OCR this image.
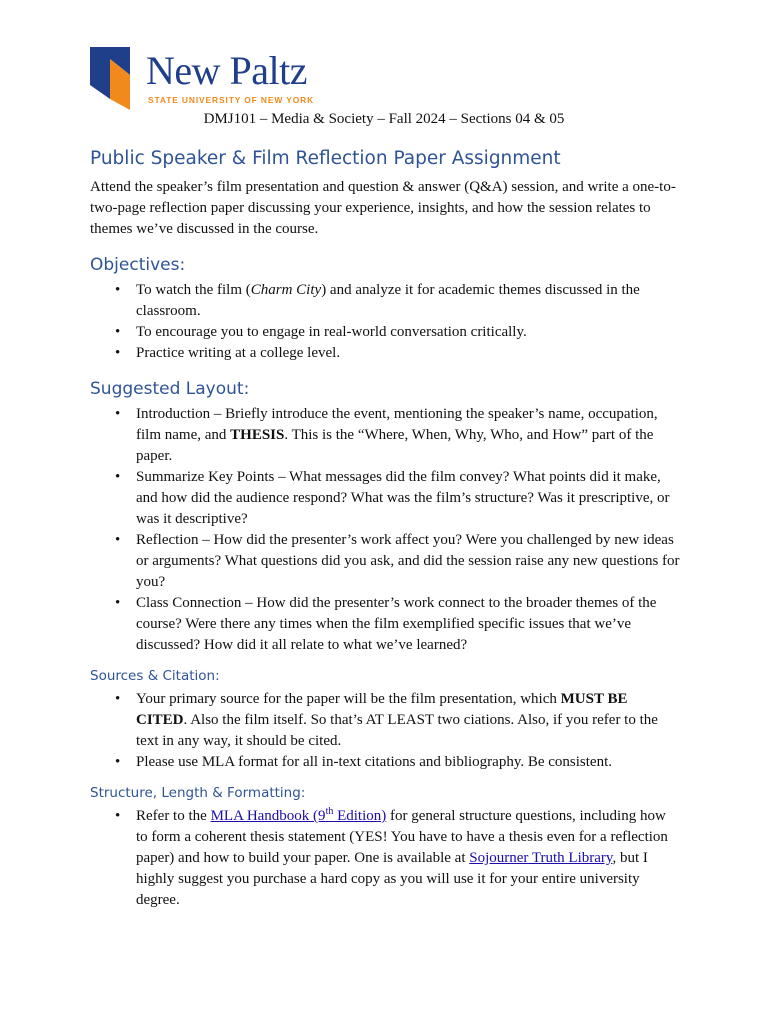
New Paltz
STATE UNIVERSITY OF NEW YORK
DMJ101 – Media & Society – Fall 2024 – Sections 04 & 05
Public Speaker & Film Reflection Paper Assignment

Attend the speaker’s film presentation and question & answer (Q&A) session, and write a one-to-two-page reflection paper discussing your experience, insights, and how the session relates to themes we’ve discussed in the course.

Objectives:
• To watch the film (Charm City) and analyze it for academic themes discussed in the classroom.
• To encourage you to engage in real-world conversation critically.
• Practice writing at a college level.
Suggested Layout:
• Introduction – Briefly introduce the event, mentioning the speaker’s name, occupation, film name, and THESIS. This is the “Where, When, Why, Who, and How” part of the paper.
• Summarize Key Points – What messages did the film convey? What points did it make, and how did the audience respond? What was the film’s structure? Was it prescriptive, or was it descriptive?
• Reflection – How did the presenter’s work affect you? Were you challenged by new ideas or arguments? What questions did you ask, and did the session raise any new questions for you?
• Class Connection – How did the presenter’s work connect to the broader themes of the course? Were there any times when the film exemplified specific issues that we’ve discussed? How did it all relate to what we’ve learned?
Sources & Citation:
• Your primary source for the paper will be the film presentation, which MUST BE CITED. Also the film itself. So that’s AT LEAST two ciations. Also, if you refer to the text in any way, it should be cited.
• Please use MLA format for all in-text citations and bibliography. Be consistent.
Structure, Length & Formatting:
• Refer to the MLA Handbook (9th Edition) for general structure questions, including how to form a coherent thesis statement (YES! You have to have a thesis even for a reflection paper) and how to build your paper. One is available at Sojourner Truth Library, but I highly suggest you purchase a hard copy as you will use it for your entire university degree.
